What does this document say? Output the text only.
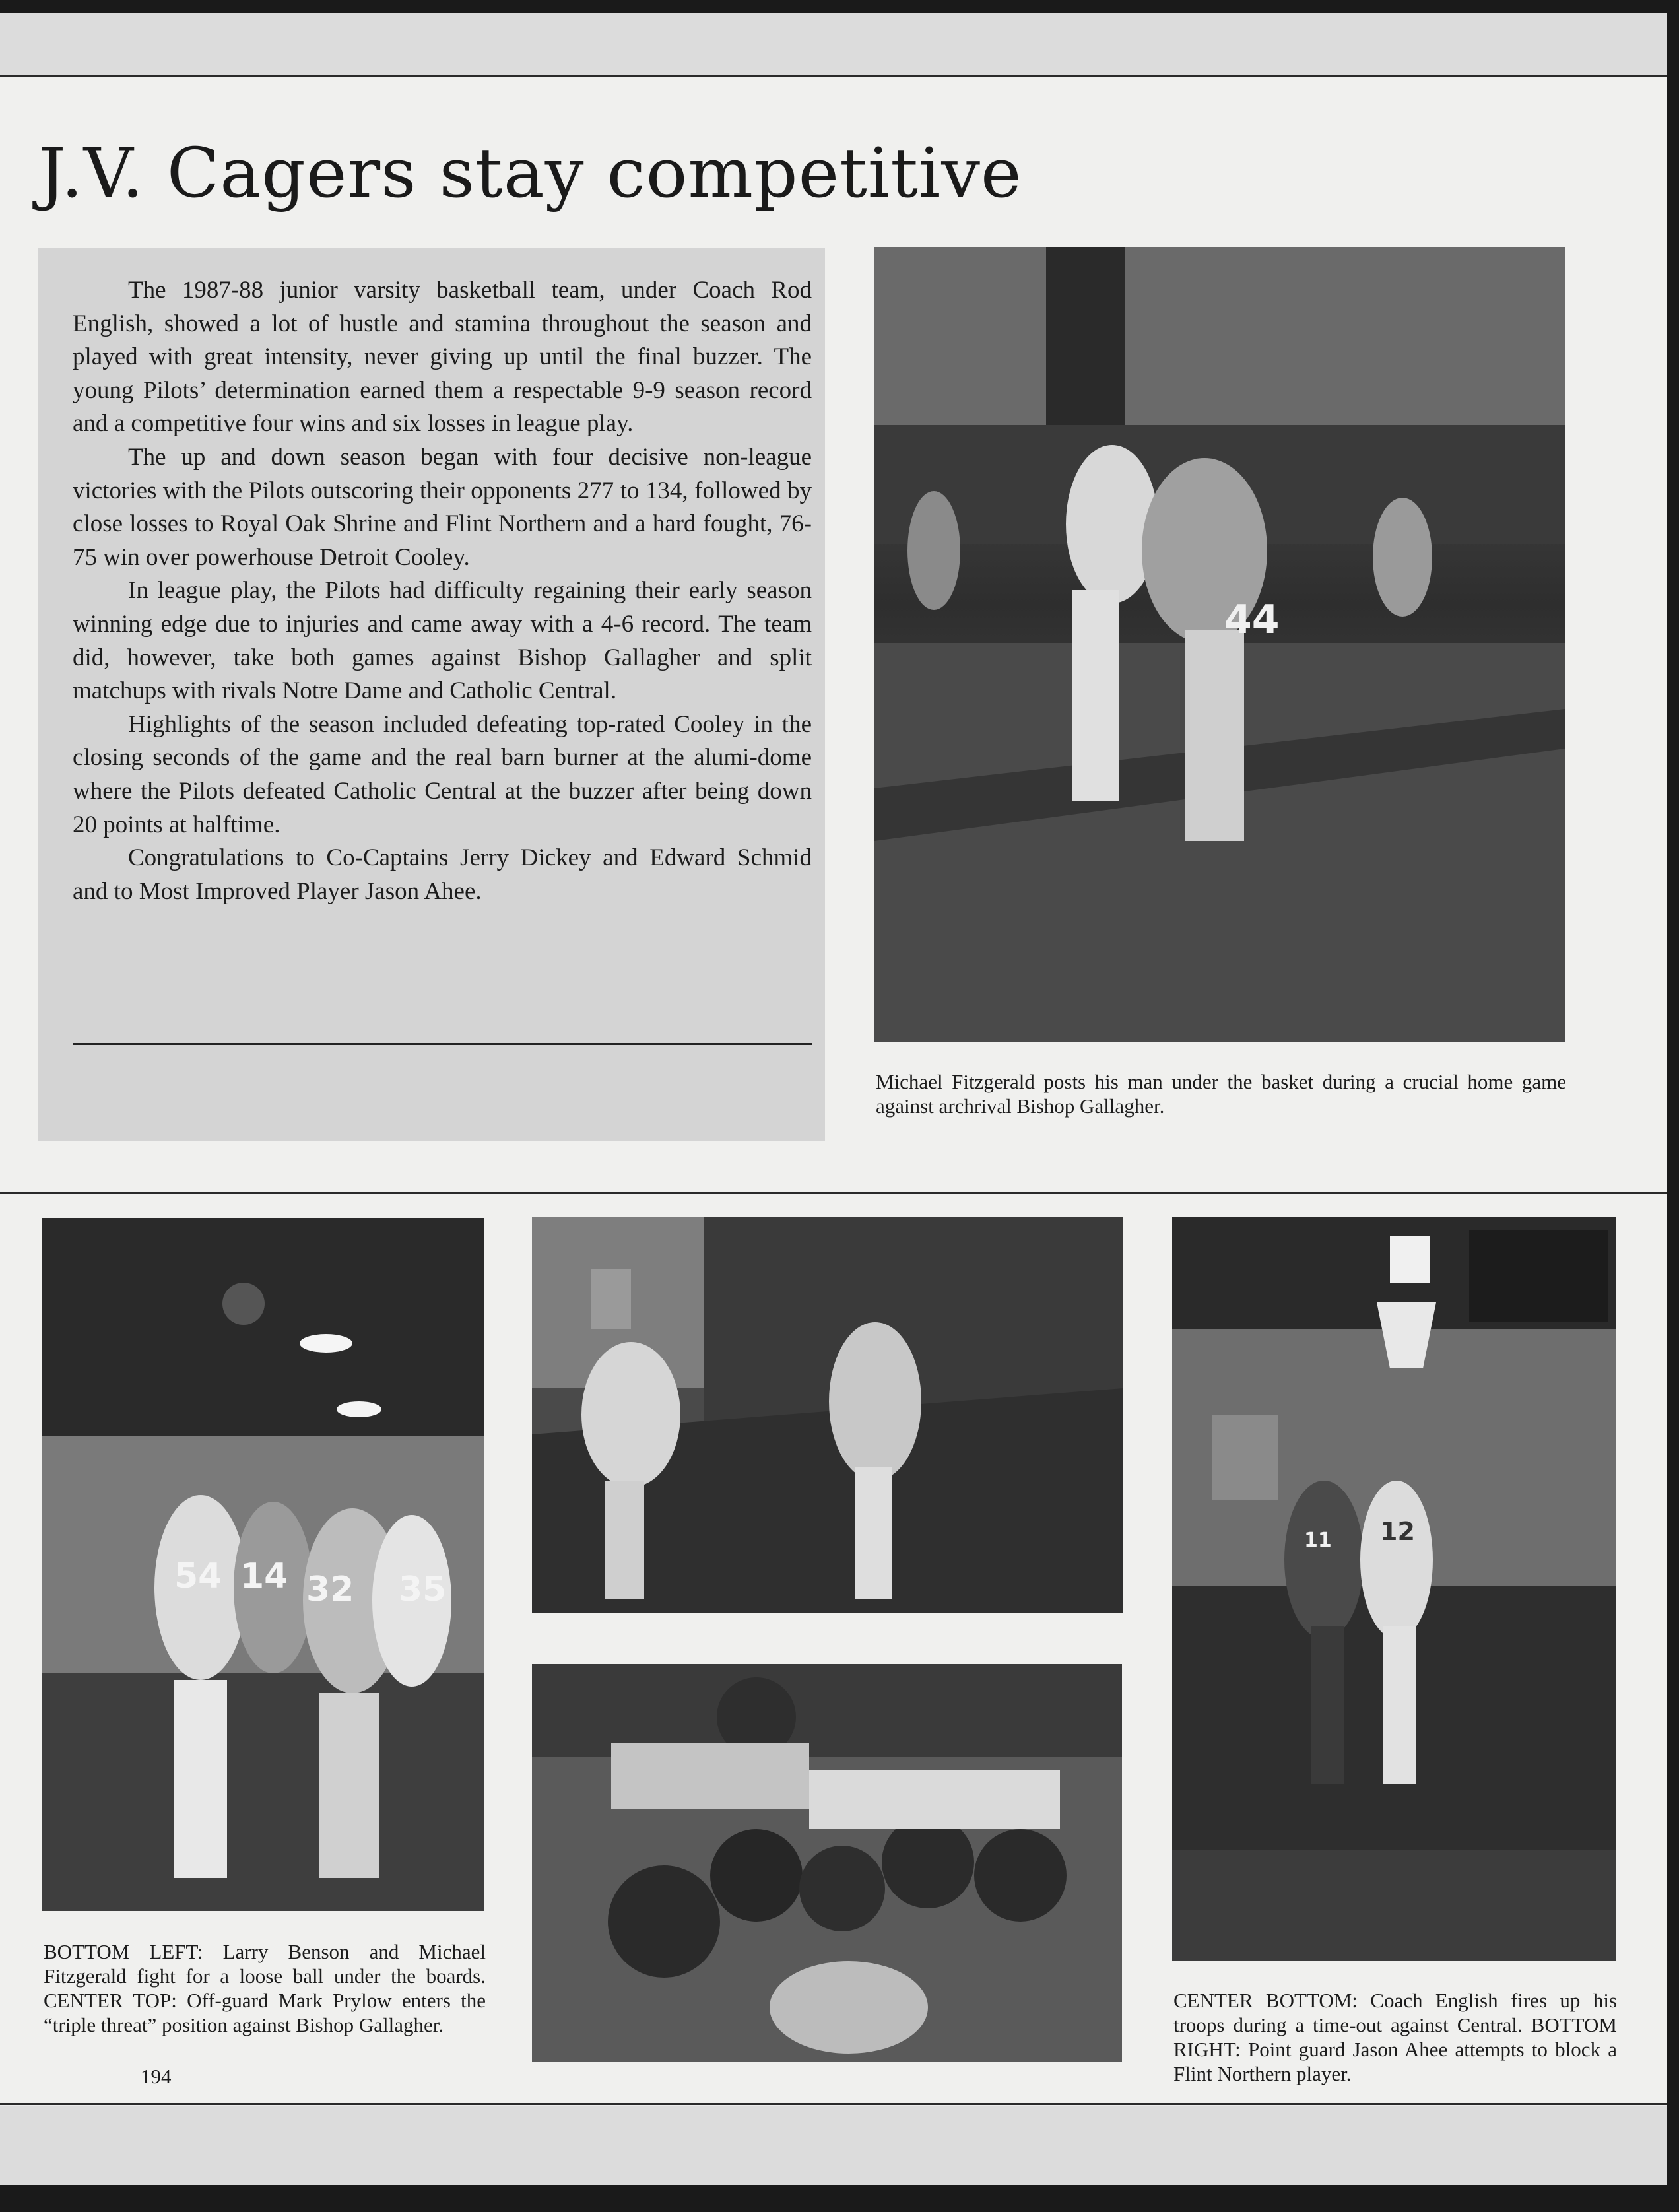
J.V. Cagers stay competitive

The 1987-88 junior varsity basketball team, under Coach Rod English, showed a lot of hustle and stamina throughout the season and played with great intensity, never giving up until the final buzzer. The young Pilots’ determination earned them a respectable 9-9 season record and a competitive four wins and six losses in league play.

The up and down season began with four decisive non-league victories with the Pilots outscoring their opponents 277 to 134, followed by close losses to Royal Oak Shrine and Flint Northern and a hard fought, 76-75 win over powerhouse Detroit Cooley.

In league play, the Pilots had difficulty regaining their early season winning edge due to injuries and came away with a 4-6 record. The team did, however, take both games against Bishop Gallagher and split matchups with rivals Notre Dame and Catholic Central.

Highlights of the season included defeating top-rated Cooley in the closing seconds of the game and the real barn burner at the alumi-dome where the Pilots defeated Catholic Central at the buzzer after being down 20 points at halftime.

Congratulations to Co-Captains Jerry Dickey and Edward Schmid and to Most Improved Player Jason Ahee.

44
Michael Fitzgerald posts his man under the basket during a crucial home game against archrival Bishop Gallagher.
54 14 32 35
BOTTOM LEFT: Larry Benson and Michael Fitzgerald fight for a loose ball under the boards. CENTER TOP: Off-guard Mark Prylow enters the “triple threat” position against Bishop Gallagher.
194
11 12
CENTER BOTTOM: Coach English fires up his troops during a time-out against Central. BOTTOM RIGHT: Point guard Jason Ahee attempts to block a Flint Northern player.
